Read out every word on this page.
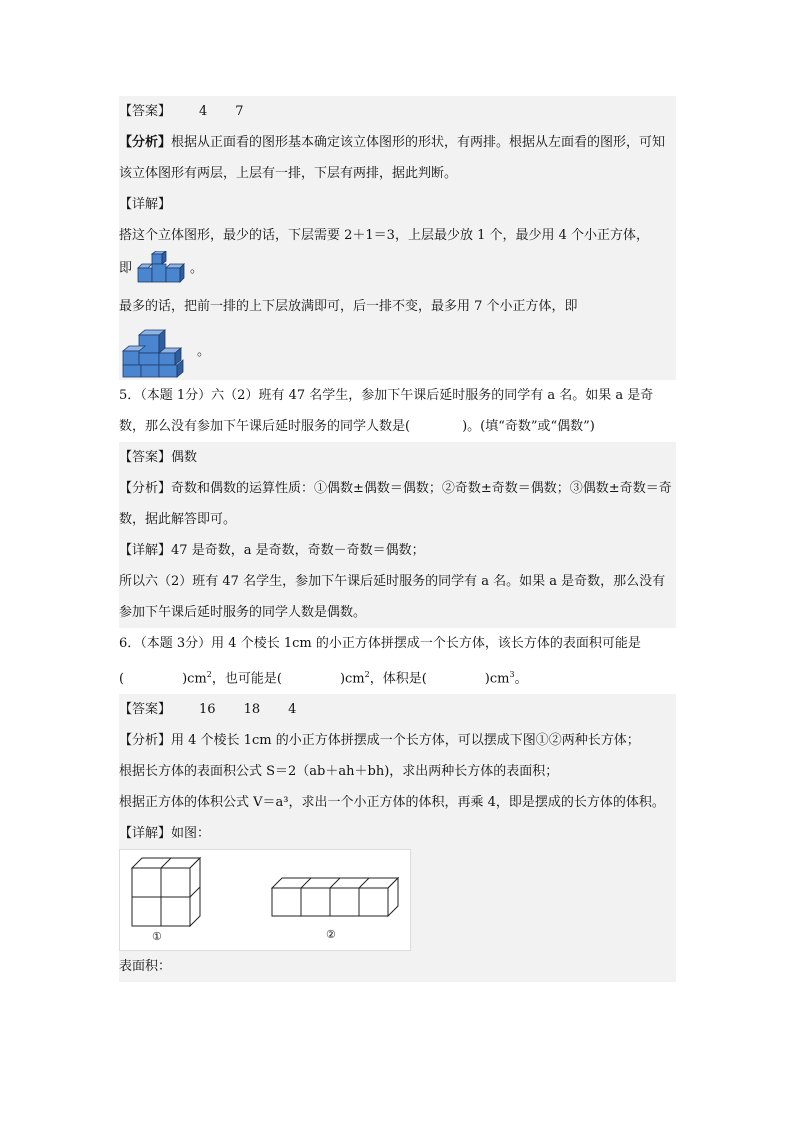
【答案】 4 7
【分析】根据从正面看的图形基本确定该立体图形的形状，有两排。根据从左面看的图形，可知该立体图形有两层，上层有一排，下层有两排，据此判断。
【详解】
搭这个立体图形，最少的话，下层需要 2＋1＝3，上层最少放 1 个，最少用 4 个小正方体，
即	。
最多的话，把前一排的上下层放满即可，后一排不变，最多用 7 个小正方体，即
。
5．（本题 1分）六（2）班有 47 名学生，参加下午课后延时服务的同学有 a 名。如果 a 是奇数，那么没有参加下午课后延时服务的同学人数是(　　　　)。(填“奇数”或“偶数”)
【答案】偶数
【分析】奇数和偶数的运算性质：①偶数±偶数＝偶数；②奇数±奇数＝偶数；③偶数±奇数＝奇数，据此解答即可。
【详解】47 是奇数，a 是奇数，奇数－奇数＝偶数；
所以六（2）班有 47 名学生，参加下午课后延时服务的同学有 a 名。如果 a 是奇数，那么没有参加下午课后延时服务的同学人数是偶数。
6．（本题 3分）用 4 个棱长 1cm 的小正方体拼摆成一个长方体，该长方体的表面积可能是
(	)$cm^2$，也可能是(	)$cm^2$，体积是(	)$cm^3$。
【答案】 16 18 4
【分析】用 4 个棱长 1cm 的小正方体拼摆成一个长方体，可以摆成下图①②两种长方体；
根据长方体的表面积公式 S＝2（ab＋ah＋bh)，求出两种长方体的表面积；
根据正方体的体积公式 V＝a³，求出一个小正方体的体积，再乘 4，即是摆成的长方体的体积。
【详解】如图：
①	②
表面积：
